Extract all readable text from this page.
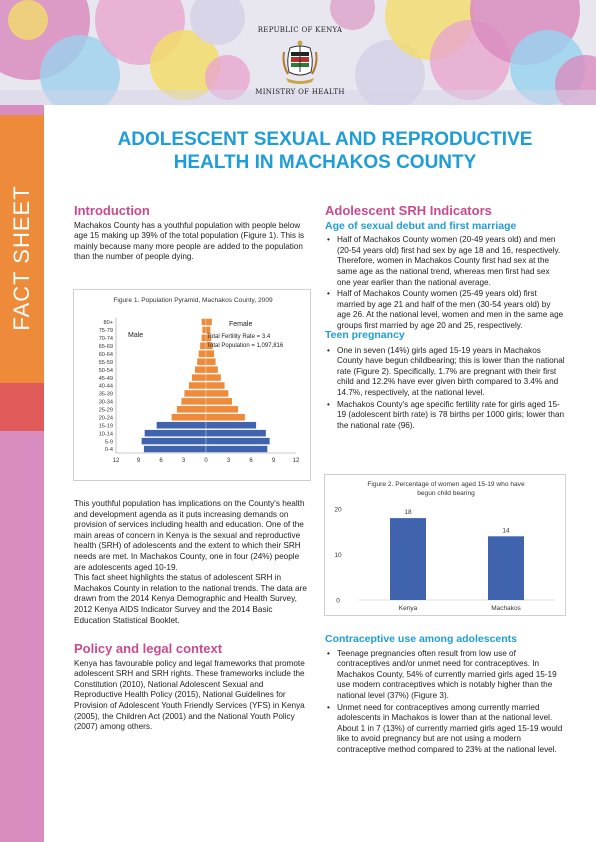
REPUBLIC OF KENYA
MINISTRY OF HEALTH
FACT SHEET
ADOLESCENT SEXUAL AND REPRODUCTIVE
HEALTH IN MACHAKOS COUNTY
Introduction

Machakos County has a youthful population with people below age 15 making up 39% of the total population (Figure 1). This is mainly because many more people are added to the population than the number of people dying.

Figure 1. Population Pyramid, Machakos County, 2009
0-4
5-9
10-14
15-19
20-24
25-29
30-34
35-39
40-44
45-49
50-54
55-59
60-64
65-69
70-74
75-79
80+
12	9	6	3	0	3	6	9	12
Male
Female
Total Fertility Rate = 3.4
Total Population = 1,097,816

This youthful population has implications on the County's health and development agenda as it puts increasing demands on provision of services including health and education. One of the main areas of concern in Kenya is the sexual and reproductive health (SRH) of adolescents and the extent to which their SRH needs are met. In Machakos County, one in four (24%) people are adolescents aged 10-19.

This fact sheet highlights the status of adolescent SRH in Machakos County in relation to the national trends. The data are drawn from the 2014 Kenya Demographic and Health Survey, 2012 Kenya AIDS Indicator Survey and the 2014 Basic Education Statistical Booklet.

Policy and legal context

Kenya has favourable policy and legal frameworks that promote adolescent SRH and SRH rights. These frameworks include the Constitution (2010), National Adolescent Sexual and Reproductive Health Policy (2015), National Guidelines for Provision of Adolescent Youth Friendly Services (YFS) in Kenya (2005), the Children Act (2001) and the National Youth Policy (2007) among others.

Adolescent SRH Indicators
Age of sexual debut and first marriage
• Half of Machakos County women (20-49 years old) and men (20-54 years old) first had sex by age 18 and 16, respectively. Therefore, women in Machakos County first had sex at the same age as the national trend, whereas men first had sex one year earlier than the national average.
• Half of Machakos County women (25-49 years old) first married by age 21 and half of the men (30-54 years old) by age 26. At the national level, women and men in the same age groups first married by age 20 and 25, respectively.
Teen pregnancy
• One in seven (14%) girls aged 15-19 years in Machakos County have begun childbearing; this is lower than the national rate (Figure 2). Specifically, 1.7% are pregnant with their first child and 12.2% have ever given birth compared to 3.4% and 14.7%, respectively, at the national level.
• Machakos County's age specific fertility rate for girls aged 15-19 (adolescent birth rate) is 78 births per 1000 girls; lower than the national rate (96).
Figure 2. Percentage of women aged 15-19 who have begun child bearing
0
10
20	18
Kenya
14
Machakos
Contraceptive use among adolescents
• Teenage pregnancies often result from low use of contraceptives and/or unmet need for contraceptives. In Machakos County, 54% of currently married girls aged 15-19 use modern contraceptives which is notably higher than the national level (37%) (Figure 3).
• Unmet need for contraceptives among currently married adolescents in Machakos is lower than at the national level. About 1 in 7 (13%) of currently married girls aged 15-19 would like to avoid pregnancy but are not using a modern contraceptive method compared to 23% at the national level.
